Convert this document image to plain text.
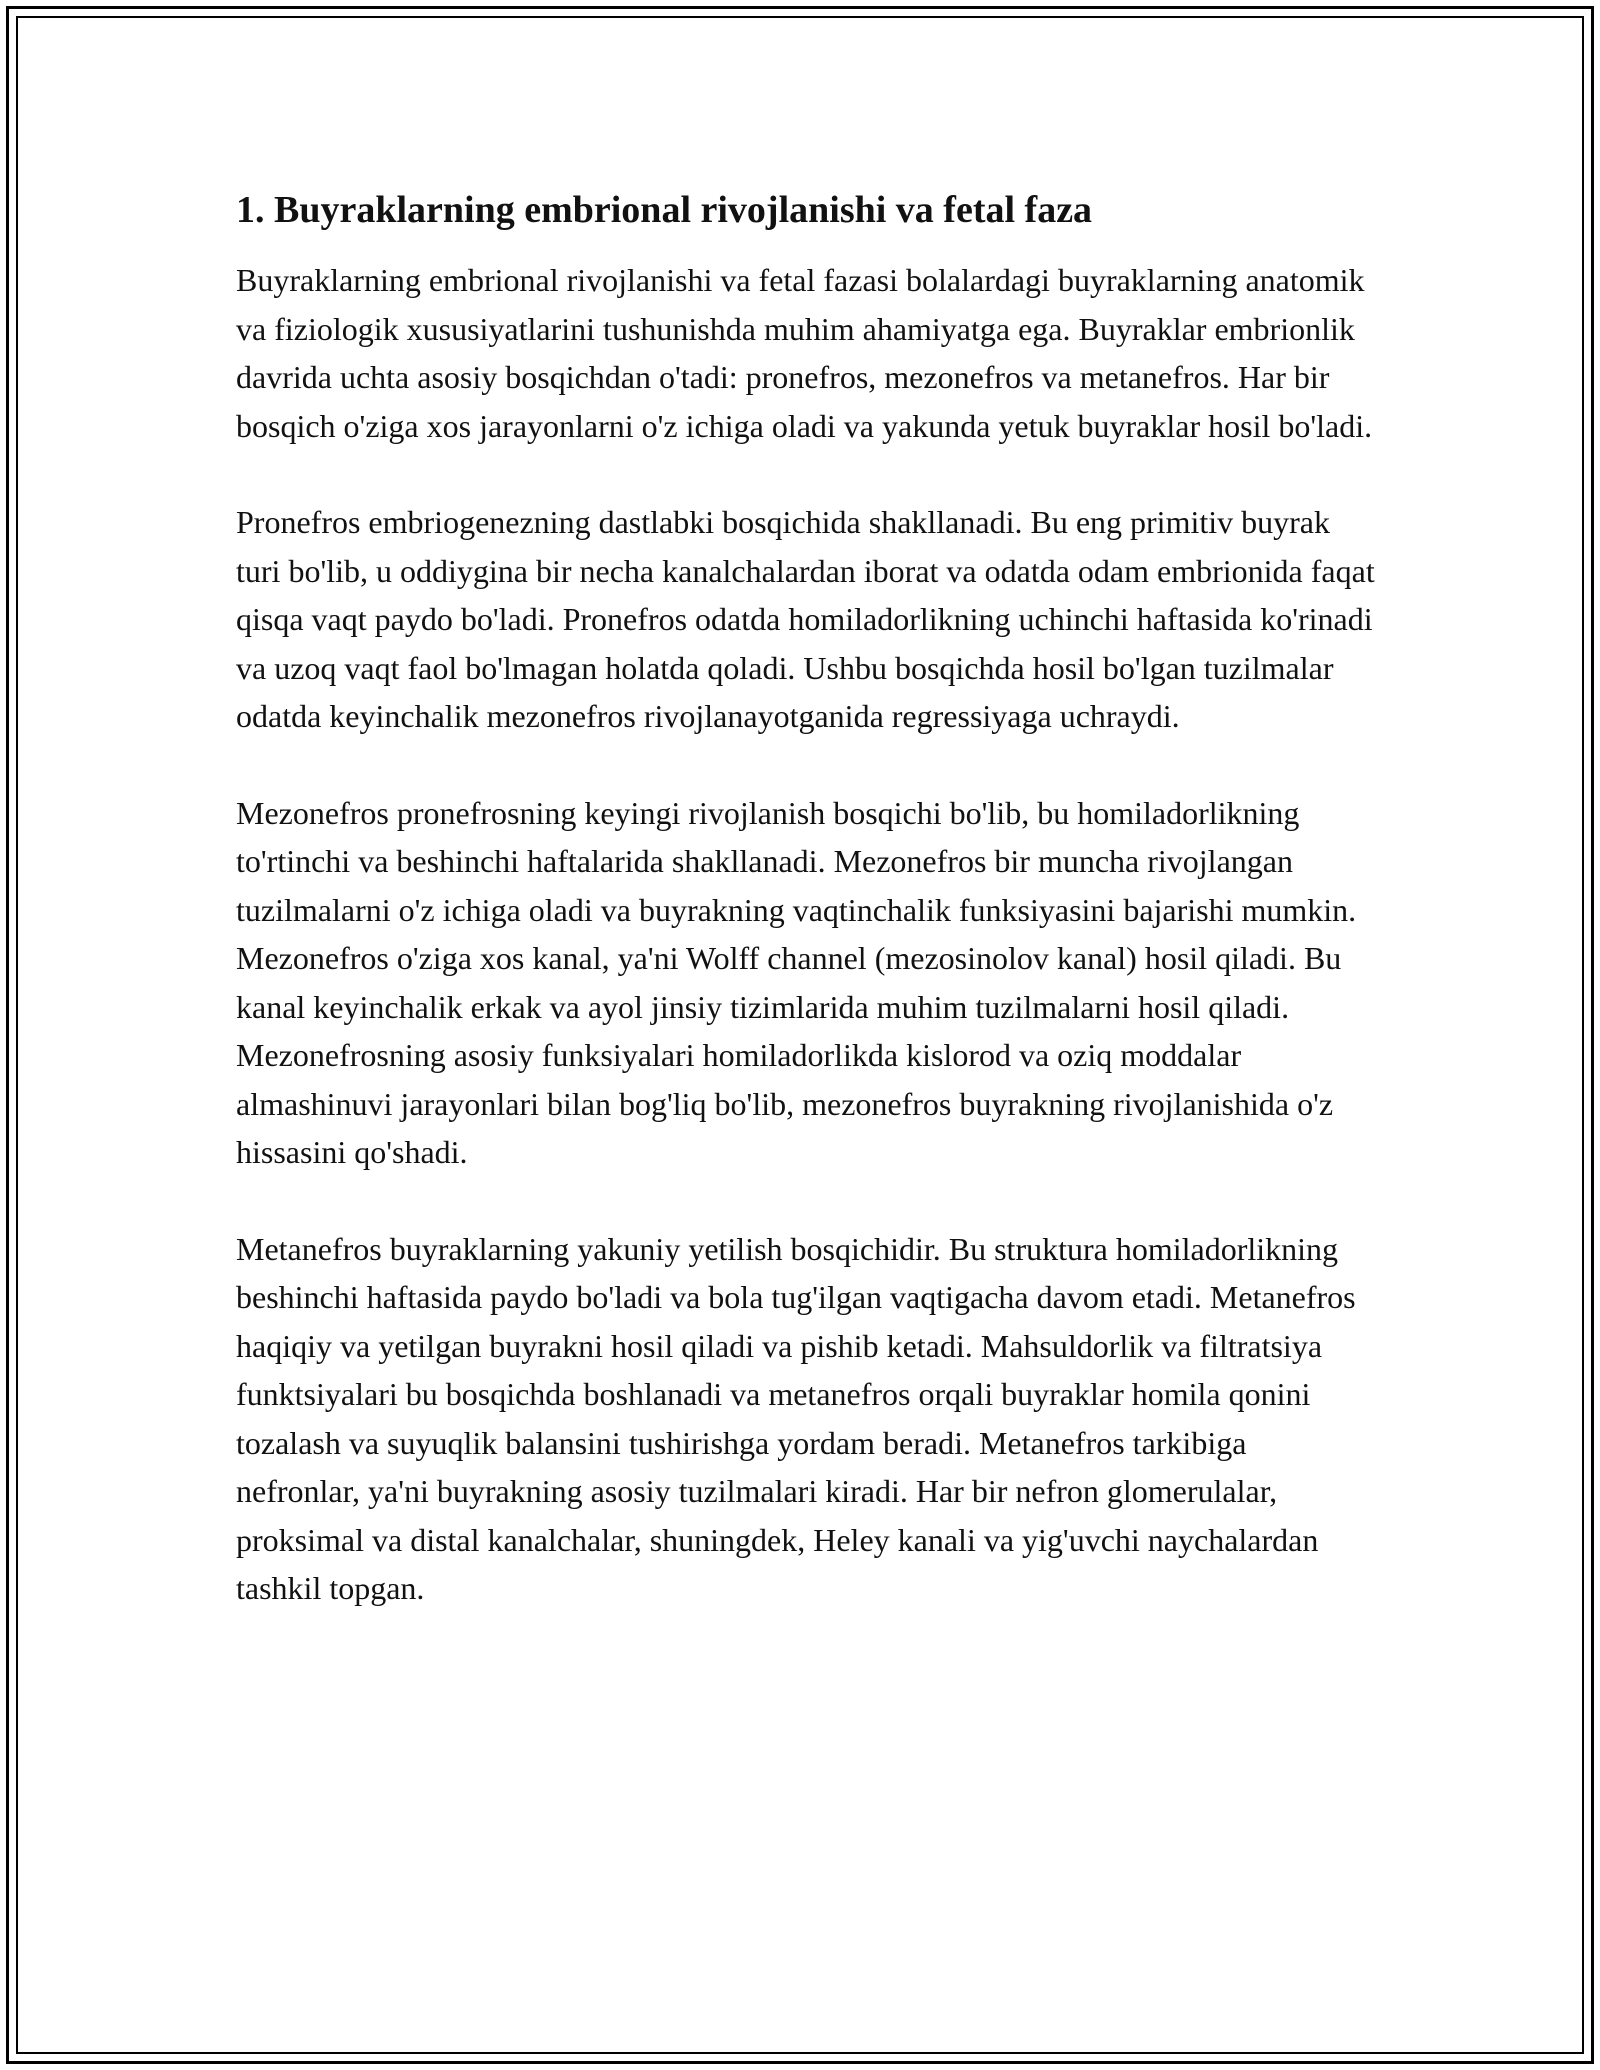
1. Buyraklarning embrional rivojlanishi va fetal faza

Buyraklarning embrional rivojlanishi va fetal fazasi bolalardagi buyraklarning anatomik va fiziologik xususiyatlarini tushunishda muhim ahamiyatga ega. Buyraklar embrionlik davrida uchta asosiy bosqichdan o'tadi: pronefros, mezonefros va metanefros. Har bir bosqich o'ziga xos jarayonlarni o'z ichiga oladi va yakunda yetuk buyraklar hosil bo'ladi.

Pronefros embriogenezning dastlabki bosqichida shakllanadi. Bu eng primitiv buyrak turi bo'lib, u oddiygina bir necha kanalchalardan iborat va odatda odam embrionida faqat qisqa vaqt paydo bo'ladi. Pronefros odatda homiladorlikning uchinchi haftasida ko'rinadi va uzoq vaqt faol bo'lmagan holatda qoladi. Ushbu bosqichda hosil bo'lgan tuzilmalar odatda keyinchalik mezonefros rivojlanayotganida regressiyaga uchraydi.

Mezonefros pronefrosning keyingi rivojlanish bosqichi bo'lib, bu homiladorlikning to'rtinchi va beshinchi haftalarida shakllanadi. Mezonefros bir muncha rivojlangan tuzilmalarni o'z ichiga oladi va buyrakning vaqtinchalik funksiyasini bajarishi mumkin. Mezonefros o'ziga xos kanal, ya'ni Wolff channel (mezosinolov kanal) hosil qiladi. Bu kanal keyinchalik erkak va ayol jinsiy tizimlarida muhim tuzilmalarni hosil qiladi. Mezonefrosning asosiy funksiyalari homiladorlikda kislorod va oziq moddalar almashinuvi jarayonlari bilan bog'liq bo'lib, mezonefros buyrakning rivojlanishida o'z hissasini qo'shadi.

Metanefros buyraklarning yakuniy yetilish bosqichidir. Bu struktura homiladorlikning beshinchi haftasida paydo bo'ladi va bola tug'ilgan vaqtigacha davom etadi. Metanefros haqiqiy va yetilgan buyrakni hosil qiladi va pishib ketadi. Mahsuldorlik va filtratsiya funktsiyalari bu bosqichda boshlanadi va metanefros orqali buyraklar homila qonini tozalash va suyuqlik balansini tushirishga yordam beradi. Metanefros tarkibiga nefronlar, ya'ni buyrakning asosiy tuzilmalari kiradi. Har bir nefron glomerulalar, proksimal va distal kanalchalar, shuningdek, Heley kanali va yig'uvchi naychalardan tashkil topgan.
